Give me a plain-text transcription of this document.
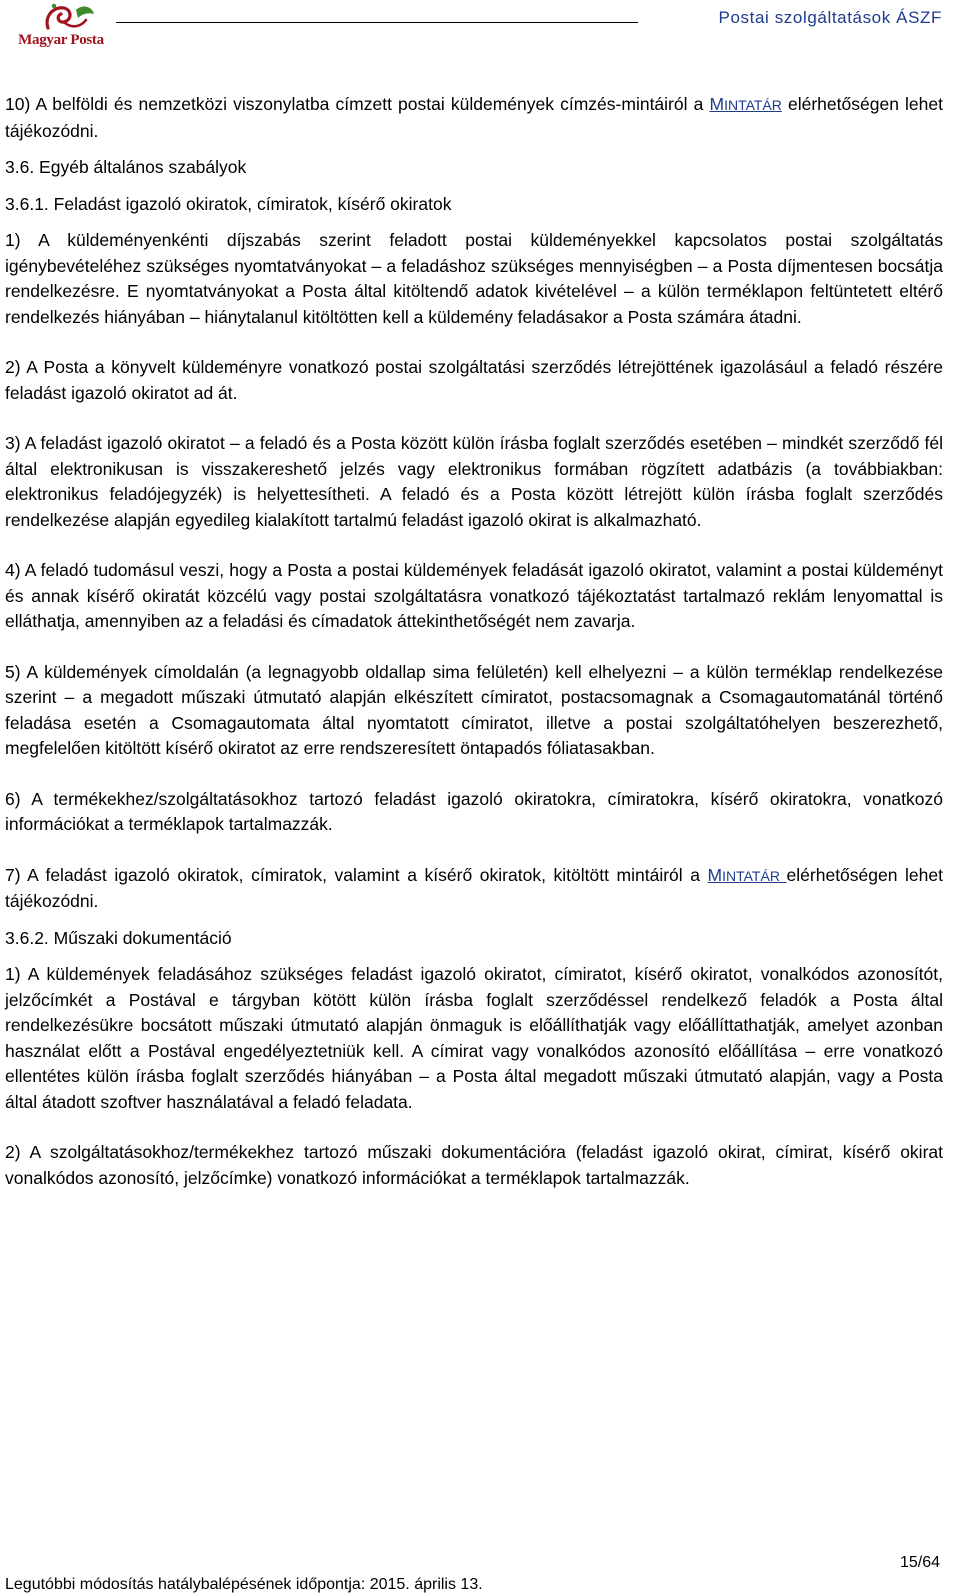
Magyar Posta
Postai szolgáltatások ÁSZF

10) A belföldi és nemzetközi viszonylatba címzett postai küldemények címzés-mintáiról a MINTATÁR elérhetőségen lehet tájékozódni.

3.6. Egyéb általános szabályok
3.6.1. Feladást igazoló okiratok, címiratok, kísérő okiratok

1) A küldeményenkénti díjszabás szerint feladott postai küldeményekkel kapcsolatos postai szolgáltatás igénybevételéhez szükséges nyomtatványokat – a feladáshoz szükséges mennyiségben – a Posta díjmentesen bocsátja rendelkezésre. E nyomtatványokat a Posta által kitöltendő adatok kivételével – a külön terméklapon feltüntetett eltérő rendelkezés hiányában – hiánytalanul kitöltötten kell a küldemény feladásakor a Posta számára átadni.

2) A Posta a könyvelt küldeményre vonatkozó postai szolgáltatási szerződés létrejöttének igazolásául a feladó részére feladást igazoló okiratot ad át.

3) A feladást igazoló okiratot – a feladó és a Posta között külön írásba foglalt szerződés esetében – mindkét szerződő fél által elektronikusan is visszakereshető jelzés vagy elektronikus formában rögzített adatbázis (a továbbiakban: elektronikus feladójegyzék) is helyettesítheti. A feladó és a Posta között létrejött külön írásba foglalt szerződés rendelkezése alapján egyedileg kialakított tartalmú feladást igazoló okirat is alkalmazható.

4) A feladó tudomásul veszi, hogy a Posta a postai küldemények feladását igazoló okiratot, valamint a postai küldeményt és annak kísérő okiratát közcélú vagy postai szolgáltatásra vonatkozó tájékoztatást tartalmazó reklám lenyomattal is elláthatja, amennyiben az a feladási és címadatok áttekinthetőségét nem zavarja.

5) A küldemények címoldalán (a legnagyobb oldallap sima felületén) kell elhelyezni – a külön terméklap rendelkezése szerint – a megadott műszaki útmutató alapján elkészített címiratot, postacsomagnak a Csomagautomatánál történő feladása esetén a Csomagautomata által nyomtatott címiratot, illetve a postai szolgáltatóhelyen beszerezhető, megfelelően kitöltött kísérő okiratot az erre rendszeresített öntapadós fóliatasakban.

6) A termékekhez/szolgáltatásokhoz tartozó feladást igazoló okiratokra, címiratokra, kísérő okiratokra, vonatkozó információkat a terméklapok tartalmazzák.

7) A feladást igazoló okiratok, címiratok, valamint a kísérő okiratok, kitöltött mintáiról a MINTATÁR elérhetőségen lehet tájékozódni.

3.6.2. Műszaki dokumentáció

1) A küldemények feladásához szükséges feladást igazoló okiratot, címiratot, kísérő okiratot, vonalkódos azonosítót, jelzőcímkét a Postával e tárgyban kötött külön írásba foglalt szerződéssel rendelkező feladók a Posta által rendelkezésükre bocsátott műszaki útmutató alapján önmaguk is előállíthatják vagy előállíttathatják, amelyet azonban használat előtt a Postával engedélyeztetniük kell. A címirat vagy vonalkódos azonosító előállítása – erre vonatkozó ellentétes külön írásba foglalt szerződés hiányában – a Posta által megadott műszaki útmutató alapján, vagy a Posta által átadott szoftver használatával a feladó feladata.

2) A szolgáltatásokhoz/termékekhez tartozó műszaki dokumentációra (feladást igazoló okirat, címirat, kísérő okirat vonalkódos azonosító, jelzőcímke) vonatkozó információkat a terméklapok tartalmazzák.

15/64
Legutóbbi módosítás hatálybalépésének időpontja: 2015. április 13.
